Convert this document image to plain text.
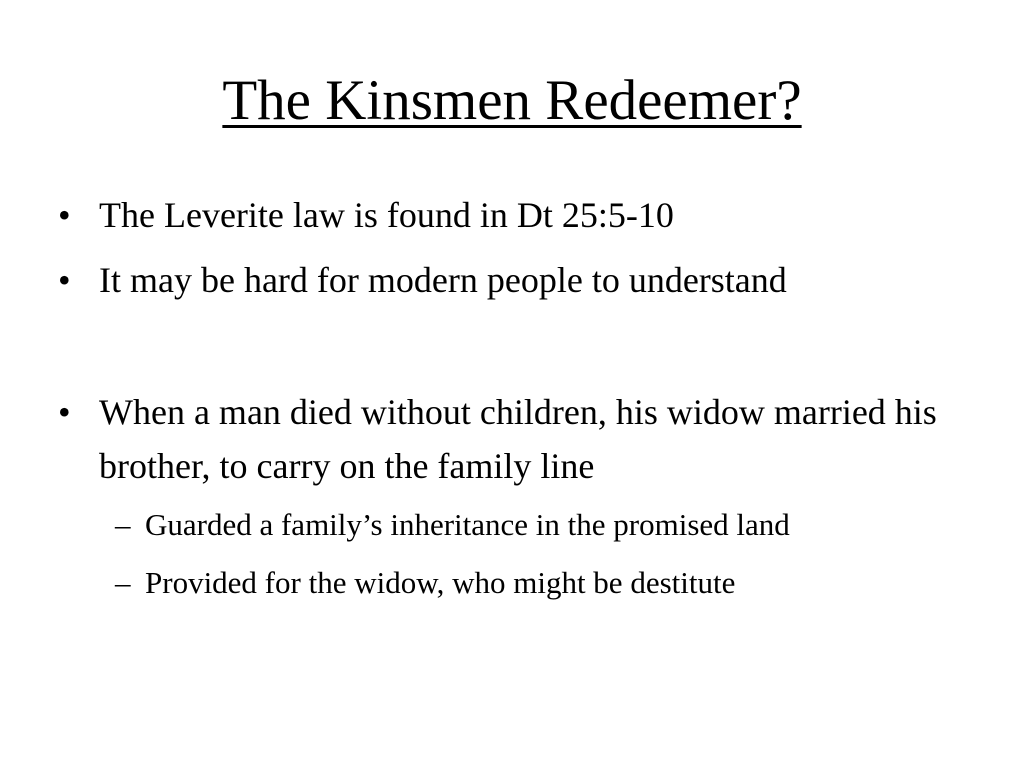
The Kinsmen Redeemer?
• The Leverite law is found in Dt 25:5-10
• It may be hard for modern people to understand
• When a man died without children, his widow married his brother, to carry on the family line
– Guarded a family’s inheritance in the promised land
– Provided for the widow, who might be destitute
